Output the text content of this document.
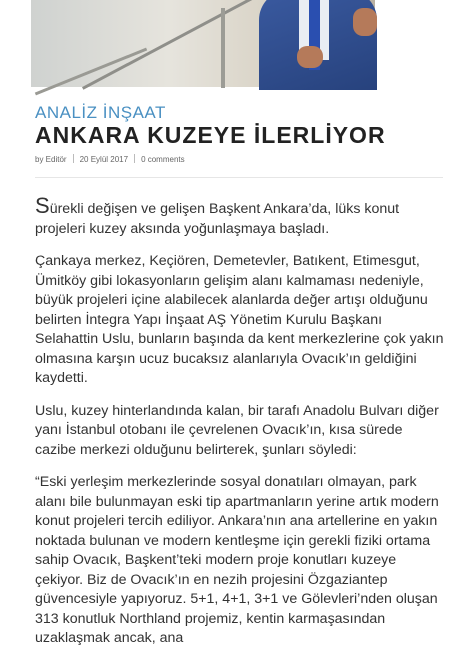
ANALİZ İNŞAAT
ANKARA KUZEYE İLERLİYOR
by Editör 20 Eylül 2017 0 comments

Sürekli değişen ve gelişen Başkent Ankara’da, lüks konut projeleri kuzey aksında yoğunlaşmaya başladı.

Çankaya merkez, Keçiören, Demetevler, Batıkent, Etimesgut, Ümitköy gibi lokasyonların gelişim alanı kalmaması nedeniyle, büyük projeleri içine alabilecek alanlarda değer artışı olduğunu belirten İntegra Yapı İnşaat AŞ Yönetim Kurulu Başkanı Selahattin Uslu, bunların başında da kent merkezlerine çok yakın olmasına karşın ucuz bucaksız alanlarıyla Ovacık’ın geldiğini kaydetti.

Uslu, kuzey hinterlandında kalan, bir tarafı Anadolu Bulvarı diğer yanı İstanbul otobanı ile çevrelenen Ovacık’ın, kısa sürede cazibe merkezi olduğunu belirterek, şunları söyledi:

“Eski yerleşim merkezlerinde sosyal donatıları olmayan, park alanı bile bulunmayan eski tip apartmanların yerine artık modern konut projeleri tercih ediliyor. Ankara’nın ana artellerine en yakın noktada bulunan ve modern kentleşme için gerekli fiziki ortama sahip Ovacık, Başkent’teki modern proje konutları kuzeye çekiyor. Biz de Ovacık’ın en nezih projesini Özgaziantep güvencesiyle yapıyoruz. 5+1, 4+1, 3+1 ve Gölevleri’nden oluşan 313 konutluk Northland projemiz, kentin karmaşasından uzaklaşmak ancak, ana
